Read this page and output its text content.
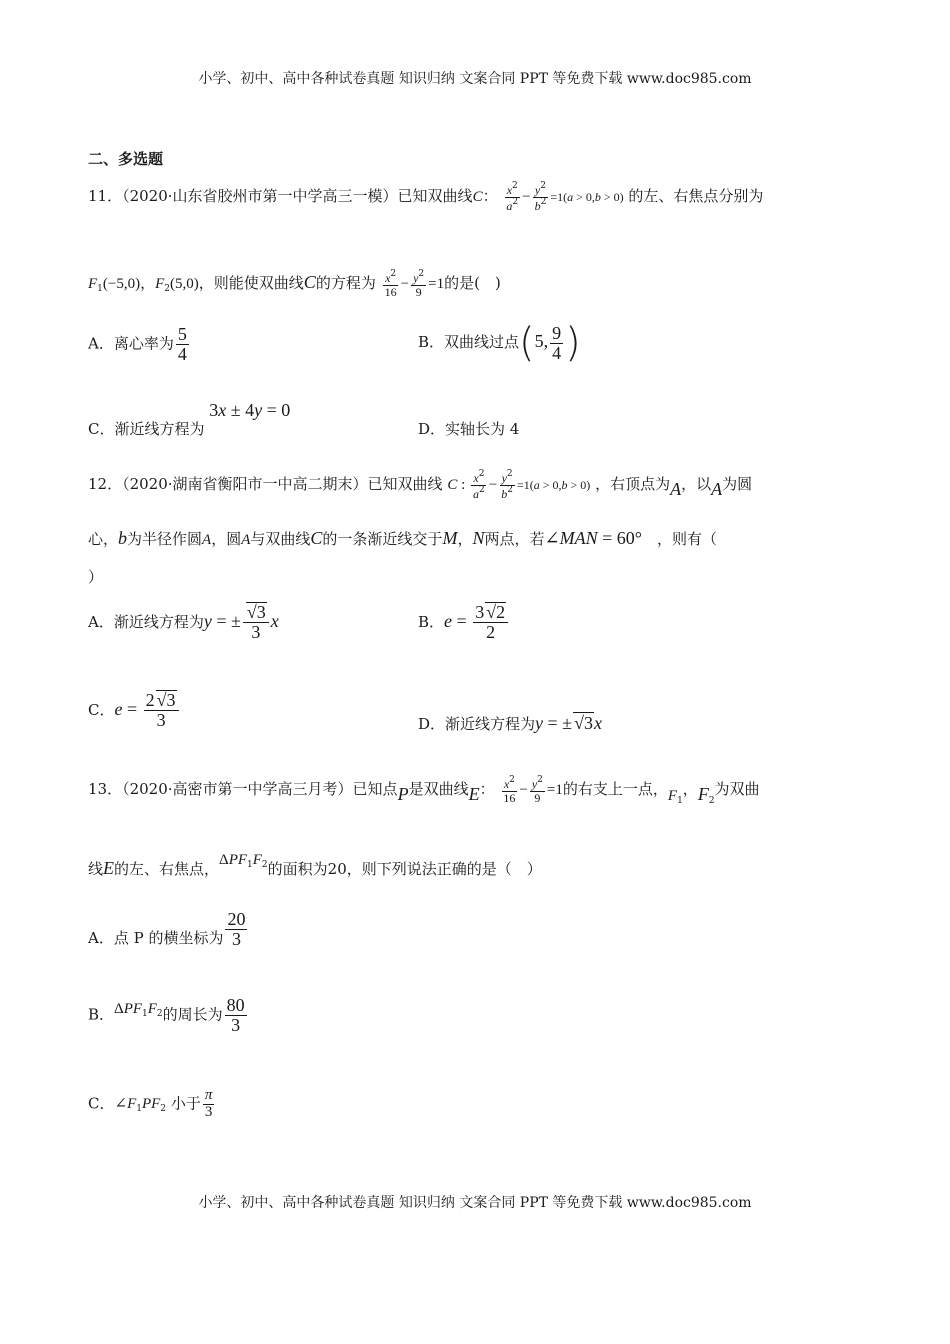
小学、初中、高中各种试卷真题 知识归纳 文案合同 PPT 等免费下载 www.doc985.com
二、多选题
11．（2020·山东省胶州市第一中学高三一模）已知双曲线C： $\frac{x^2}{a^2} - \frac{y^2}{b^2} =1(a > 0,b > 0)$ 的左、右焦点分别为
$F_1(-5,0)$，$F_2(5,0)$，则能使双曲线C的方程为 $\frac{x^2}{16} - \frac{y^2}{9} =1$的是(　)
A．离心率为 $\frac{5}{4}$	B．双曲线过点(5, $\frac{9}{4}$ )
C．渐近线方程为 3x ± 4y = 0
D．实轴长为 4
12．（2020·湖南省衡阳市一中高二期末）已知双曲线 C : $\frac{x^2}{a^2} - \frac{y^2}{b^2} =1(a > 0,b > 0)$ ，右顶点为A，以A为圆
心，b为半径作圆A，圆A与双曲线C的一条渐近线交于M，N两点，若∠MAN = 60°　 ，则有（
）
A．渐近线方程为y = ± $\frac{√3}{3}$ x	B．$e = \frac{3 √2}{2}$
C．$e = \frac{2 √3}{3}$	D．渐近线方程为y = ± √3x
13．（2020·高密市第一中学高三月考）已知点P是双曲线E： $\frac{x^2}{16} - \frac{y^2}{9} =1$的右支上一点，$F_1$，$F_2$为双曲
线E的左、右焦点，$\Delta PF_1F_2$的面积为20，则下列说法正确的是（　）
A．点 P 的横坐标为 $\frac{20}{3}$
B．$\Delta PF_1F_2$的周长为 $\frac{80}{3}$
C．$\angle F_1PF_2$ 小于 $\frac{\pi}{3}$
小学、初中、高中各种试卷真题 知识归纳 文案合同 PPT 等免费下载 www.doc985.com
